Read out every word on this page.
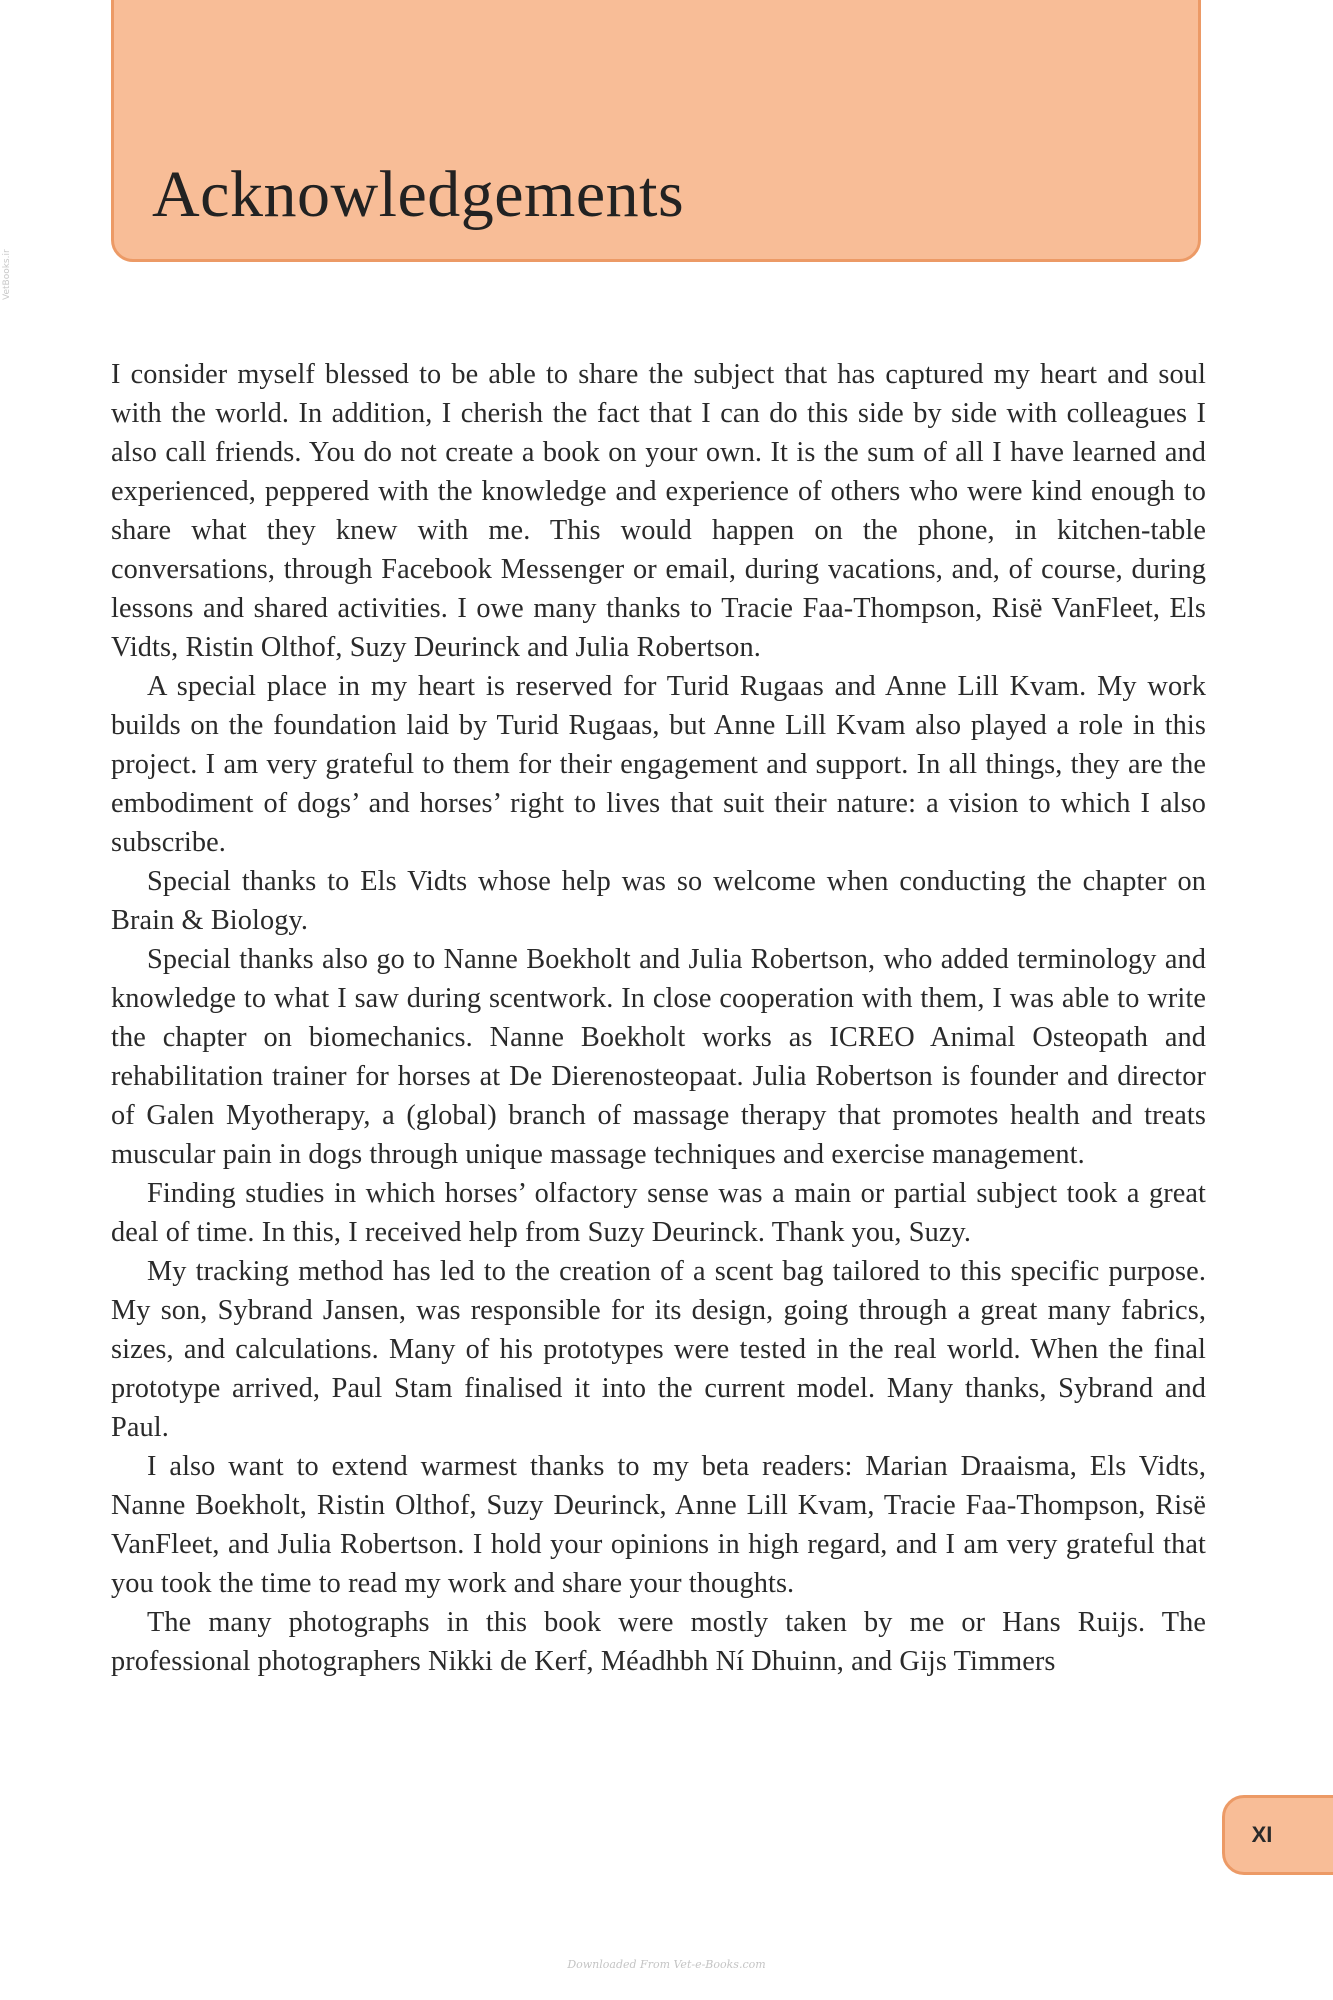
Acknowledgements
VetBooks.ir

I consider myself blessed to be able to share the subject that has captured my heart and soul with the world. In addition, I cherish the fact that I can do this side by side with colleagues I also call friends. You do not create a book on your own. It is the sum of all I have learned and experienced, peppered with the knowledge and experience of others who were kind enough to share what they knew with me. This would happen on the phone, in kitchen-table conversations, through Facebook Messenger or email, during vacations, and, of course, during lessons and shared activities. I owe many thanks to Tracie Faa-Thompson, Risë VanFleet, Els Vidts, Ristin Olthof, Suzy Deurinck and Julia Robertson.

A special place in my heart is reserved for Turid Rugaas and Anne Lill Kvam. My work builds on the foundation laid by Turid Rugaas, but Anne Lill Kvam also played a role in this project. I am very grateful to them for their engagement and support. In all things, they are the embodiment of dogs’ and horses’ right to lives that suit their nature: a vision to which I also subscribe.

Special thanks to Els Vidts whose help was so welcome when conducting the chapter on Brain & Biology.

Special thanks also go to Nanne Boekholt and Julia Robertson, who added terminology and knowledge to what I saw during scentwork. In close cooperation with them, I was able to write the chapter on biomechanics. Nanne Boekholt works as ICREO Animal Osteopath and rehabilitation trainer for horses at De Dierenosteopaat. Julia Robertson is founder and director of Galen Myotherapy, a (global) branch of massage therapy that promotes health and treats muscular pain in dogs through unique massage techniques and exercise management.

Finding studies in which horses’ olfactory sense was a main or partial subject took a great deal of time. In this, I received help from Suzy Deurinck. Thank you, Suzy.

My tracking method has led to the creation of a scent bag tailored to this specific purpose. My son, Sybrand Jansen, was responsible for its design, going through a great many fabrics, sizes, and calculations. Many of his prototypes were tested in the real world. When the final prototype arrived, Paul Stam finalised it into the current model. Many thanks, Sybrand and Paul.

I also want to extend warmest thanks to my beta readers: Marian Draaisma, Els Vidts, Nanne Boekholt, Ristin Olthof, Suzy Deurinck, Anne Lill Kvam, Tracie Faa-Thompson, Risë VanFleet, and Julia Robertson. I hold your opinions in high regard, and I am very grateful that you took the time to read my work and share your thoughts.

The many photographs in this book were mostly taken by me or Hans Ruijs. The professional photographers Nikki de Kerf, Méadhbh Ní Dhuinn, and Gijs Timmers

XI
Downloaded From Vet-e-Books.com
